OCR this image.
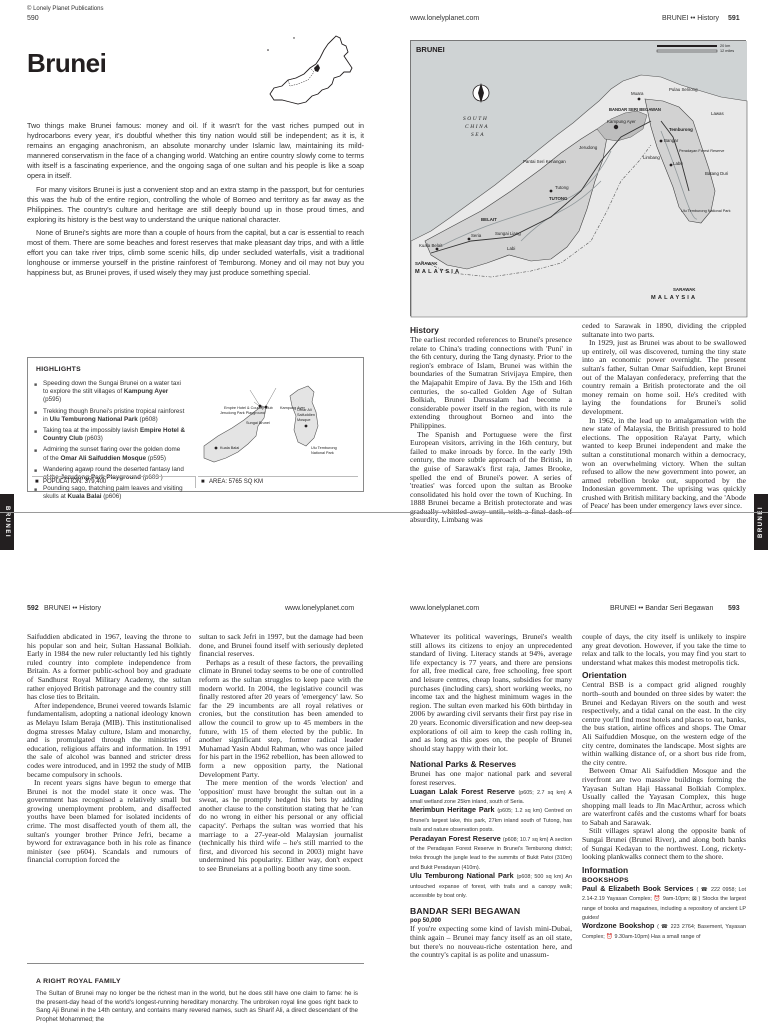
© Lonely Planet Publications
590
Brunei

Two things make Brunei famous: money and oil. If it wasn't for the vast riches pumped out in hydrocarbons every year, it's doubtful whether this tiny nation would still be independent; as it is, it remains an engaging anachronism, an absolute monarchy under Islamic law, maintaining its mild-mannered conservatism in the face of a changing world. Watching an entire country slowly come to terms with itself is a fascinating experience, and the ongoing saga of one sultan and his people is like a soap opera in itself.

For many visitors Brunei is just a convenient stop and an extra stamp in the passport, but for centuries this was the hub of the entire region, controlling the whole of Borneo and territory as far away as the Philippines. The country's culture and heritage are still deeply bound up in those proud times, and exploring its history is the best way to understand the unique national character.

None of Brunei's sights are more than a couple of hours from the capital, but a car is essential to reach most of them. There are some beaches and forest reserves that make pleasant day trips, and with a little effort you can take river trips, climb some scenic hills, dip under secluded waterfalls, visit a traditional longhouse or immerse yourself in the pristine rainforest of Temburong. Money and oil may not buy you happiness but, as Brunei proves, if used wisely they may just produce something special.

HIGHLIGHTS
■ Speeding down the Sungai Brunei on a water taxi to explore the stilt villages of Kampung Ayer (p595)
■ Trekking though Brunei's pristine tropical rainforest in Ulu Temburong National Park (p608)
■ Taking tea at the impossibly lavish Empire Hotel & Country Club (p603)
■ Admiring the sunset flaring over the golden dome of the Omar Ali Saifuddien Mosque (p595)
■ Wandering agawp round the deserted fantasy land of the Jerudong Park Playground (p603 )
■ Pounding sago, thatching palm leaves and visiting skulls at Kuala Balai (p606)
Empire Hotel & Country Club
Jerudong Park Playground
Sungai Brunei
Kampung Ayer
Omar Ali Saifuddien Mosque
Kuala Balai	Ulu Temburong National Park
■ POPULATION: 379,400	■ AREA: 5765 SQ KM
BRUNEI
www.lonelyplanet.com	BRUNEI •• History 591
BRUNEI	20 km
12 miles
SOUTH
CHINA
SEA
SARAWAK
MALAYSIA
SARAWAK
MALAYSIA
BANDAR SERI BEGAWAN
Muara
Temburong
Bangar
Labu
TUTONG
BELAIT
Seria
Kuala Belait
Labi
Tutong
Jerudong
Limbang
Lawas
Pulau Selirong
Pantai Seri Kenangan
Batang Duri
Kampung Ayer
Sungai Liang
Peradayan Forest Reserve
Ulu Temburong National Park
History

The earliest recorded references to Brunei's presence relate to China's trading connections with 'Puni' in the 6th century, during the Tang dynasty. Prior to the region's embrace of Islam, Brunei was within the boundaries of the Sumatran Srivijaya Empire, then the Majapahit Empire of Java. By the 15th and 16th centuries, the so-called Golden Age of Sultan Bolkiah, Brunei Darussalam had become a considerable power itself in the region, with its rule extending throughout Borneo and into the Philippines.

The Spanish and Portuguese were the first European visitors, arriving in the 16th century, but failed to make inroads by force. In the early 19th century, the more subtle approach of the British, in the guise of Sarawak's first raja, James Brooke, spelled the end of Brunei's power. A series of 'treaties' was forced upon the sultan as Brooke consolidated his hold over the town of Kuching. In 1888 Brunei became a British protectorate and was gradually whittled away until, with a final dash of absurdity, Limbang was

ceded to Sarawak in 1890, dividing the crippled sultanate into two parts.

In 1929, just as Brunei was about to be swallowed up entirely, oil was discovered, turning the tiny state into an economic power overnight. The present sultan's father, Sultan Omar Saifuddien, kept Brunei out of the Malayan confederacy, preferring that the country remain a British protectorate and the oil money remain on home soil. He's credited with laying the foundations for Brunei's solid development.

In 1962, in the lead up to amalgamation with the new state of Malaysia, the British pressured to hold elections. The opposition Ra'ayat Party, which wanted to keep Brunei independent and make the sultan a constitutional monarch within a democracy, won an overwhelming victory. When the sultan refused to allow the new government into power, an armed rebellion broke out, supported by the Indonesian government. The uprising was quickly crushed with British military backing, and the 'Abode of Peace' has been under emergency laws ever since.

BRUNEI
592 BRUNEI •• History	www.lonelyplanet.com

Saifuddien abdicated in 1967, leaving the throne to his popular son and heir, Sultan Hassanal Bolkiah. Early in 1984 the new ruler reluctantly led his tightly ruled country into complete independence from Britain. As a former public-school boy and graduate of Sandhurst Royal Military Academy, the sultan rather enjoyed British patronage and the country still has close ties to Britain.

After independence, Brunei veered towards Islamic fundamentalism, adopting a national ideology known as Melayu Islam Beraja (MIB). This institutionalised dogma stresses Malay culture, Islam and monarchy, and is promulgated through the ministries of education, religious affairs and information. In 1991 the sale of alcohol was banned and stricter dress codes were introduced, and in 1992 the study of MIB became compulsory in schools.

In recent years signs have begun to emerge that Brunei is not the model state it once was. The government has recognised a relatively small but growing unemployment problem, and disaffected youths have been blamed for isolated incidents of crime. The most disaffected youth of them all, the sultan's younger brother Prince Jefri, became a byword for extravagance both in his role as finance minister (see p604). Scandals and rumours of financial corruption forced the

sultan to sack Jefri in 1997, but the damage had been done, and Brunei found itself with seriously depleted financial reserves.

Perhaps as a result of these factors, the prevailing climate in Brunei today seems to be one of controlled reform as the sultan struggles to keep pace with the modern world. In 2004, the legislative council was finally restored after 20 years of 'emergency' law. So far the 29 incumbents are all royal relatives or cronies, but the constitution has been amended to allow the council to grow up to 45 members in the future, with 15 of them elected by the public. In another significant step, former radical leader Muhamad Yasin Abdul Rahman, who was once jailed for his part in the 1962 rebellion, has been allowed to form a new opposition party, the National Development Party.

The mere mention of the words 'election' and 'opposition' must have brought the sultan out in a sweat, as he promptly hedged his bets by adding another clause to the constitution stating that he 'can do no wrong in either his personal or any official capacity'. Perhaps the sultan was worried that his marriage to a 27-year-old Malaysian journalist (technically his third wife – he's still married to the first, and divorced his second in 2003) might have undermined his popularity. Either way, don't expect to see Bruneians at a polling booth any time soon.

A RIGHT ROYAL FAMILY
The Sultan of Brunei may no longer be the richest man in the world, but he does still have one claim to fame: he is the present-day head of the world's longest-running hereditary monarchy. The unbroken royal line goes right back to Sang Aji Brunei in the 14th century, and contains many revered names, such as Sharif Ali, a direct descendant of the Prophet Mohammed; the
www.lonelyplanet.com	BRUNEI •• Bandar Seri Begawan 593

Whatever its political waverings, Brunei's wealth still allows its citizens to enjoy an unprecedented standard of living. Literacy stands at 94%, average life expectancy is 77 years, and there are pensions for all, free medical care, free schooling, free sport and leisure centres, cheap loans, subsidies for many purchases (including cars), short working weeks, no income tax and the highest minimum wages in the region. The sultan even marked his 60th birthday in 2006 by awarding civil servants their first pay rise in 20 years. Economic diversification and new deep-sea explorations of oil aim to keep the cash rolling in, and as long as this goes on, the people of Brunei should stay happy with their lot.

National Parks & Reserves

Brunei has one major national park and several forest reserves.

Luagan Lalak Forest Reserve (p605; 2.7 sq km) A small wetland zone 25km inland, south of Seria.
Merimbun Heritage Park (p605; 1.2 sq km) Centred on Brunei's largest lake, this park, 27km inland south of Tutong, has trails and nature observation posts.
Peradayan Forest Reserve (p608; 10.7 sq km) A section of the Peradayan Forest Reserve in Brunei's Temburong district; treks through the jungle lead to the summits of Bukit Patoi (310m) and Bukit Peradayan (410m).
Ulu Temburong National Park (p608; 500 sq km) An untouched expanse of forest, with trails and a canopy walk; accessible by boat only.
BANDAR SERI BEGAWAN
pop 50,000

If you're expecting some kind of lavish mini-Dubai, think again – Brunei may fancy itself as an oil state, but there's no nouveau-riche ostentation here, and the country's capital is as polite and unassum-

couple of days, the city itself is unlikely to inspire any great devotion. However, if you take the time to relax and talk to the locals, you may find you start to understand what makes this modest metropolis tick.

Orientation

Central BSB is a compact grid aligned roughly north–south and bounded on three sides by water: the Brunei and Kedayan Rivers on the south and west respectively, and a tidal canal on the east. In the city centre you'll find most hotels and places to eat, banks, the bus station, airline offices and shops. The Omar Ali Saifuddien Mosque, on the western edge of the city centre, dominates the landscape. Most sights are within walking distance of, or a short bus ride from, the city centre.

Between Omar Ali Saifuddien Mosque and the riverfront are two massive buildings forming the Yayasan Sultan Haji Hassanal Bolkiah Complex. Usually called the Yayasan Complex, this huge shopping mall leads to Jln MacArthur, across which are waterfront cafés and the customs wharf for boats to Sabah and Sarawak.

Stilt villages sprawl along the opposite bank of Sungai Brunei (Brunei River), and along both banks of Sungai Kedayan to the northwest. Long, rickety-looking plankwalks connect them to the shore.

Information
BOOKSHOPS
Paul & Elizabeth Book Services ( ☎ 222 0958; Lot 2.14-2.19 Yayasan Complex; ⏰ 9am-10pm; ⊠ ) Stocks the largest range of books and magazines, including a repository of ancient LP guides!
Wordzone Bookshop ( ☎ 223 2764; Basement, Yayasan Complex; ⏰ 9.30am-10pm) Has a small range of
